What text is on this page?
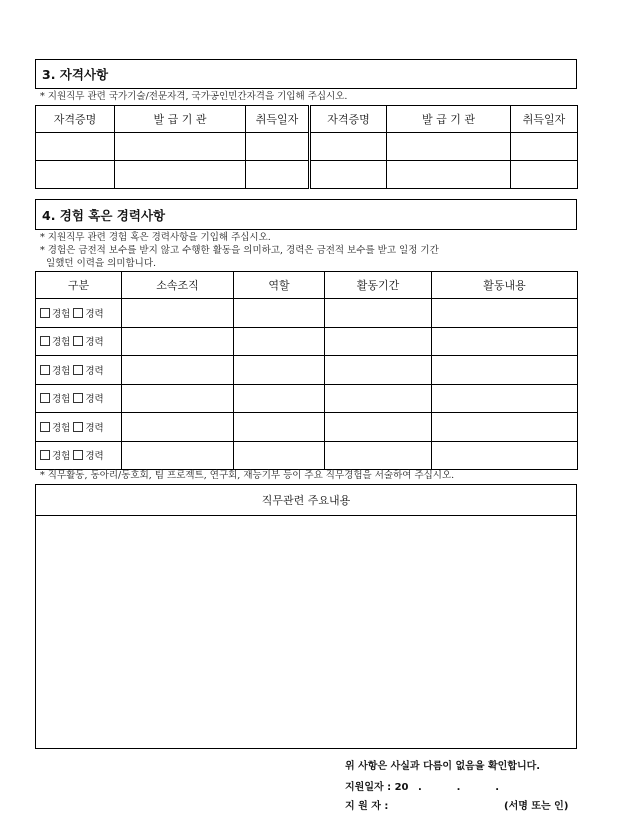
3. 자격사항
* 지원직무 관련 국가기술/전문자격, 국가공인민간자격을 기입해 주십시오.
자격증명	발 급 기 관	취득일자	자격증명	발 급 기 관	취득일자

4. 경험 혹은 경력사항
* 지원직무 관련 경험 혹은 경력사항을 기입해 주십시오.
* 경험은 금전적 보수를 받지 않고 수행한 활동을 의미하고, 경력은 금전적 보수를 받고 일정 기간
일했던 이력을 의미합니다.
구분	소속조직	역할	활동기간	활동내용
경험 경력				
경험 경력				
경험 경력				
경험 경력				
경험 경력				
경험 경력				
* 직무활동, 동아리/동호회, 팀 프로젝트, 연구회, 재능기부 등이 주요 직무경험을 서술하여 주십시오.
직무관련 주요내용
위 사항은 사실과 다름이 없음을 확인합니다.
지원일자 : 20 .          .          .
지 원 자 :	(서명 또는 인)
